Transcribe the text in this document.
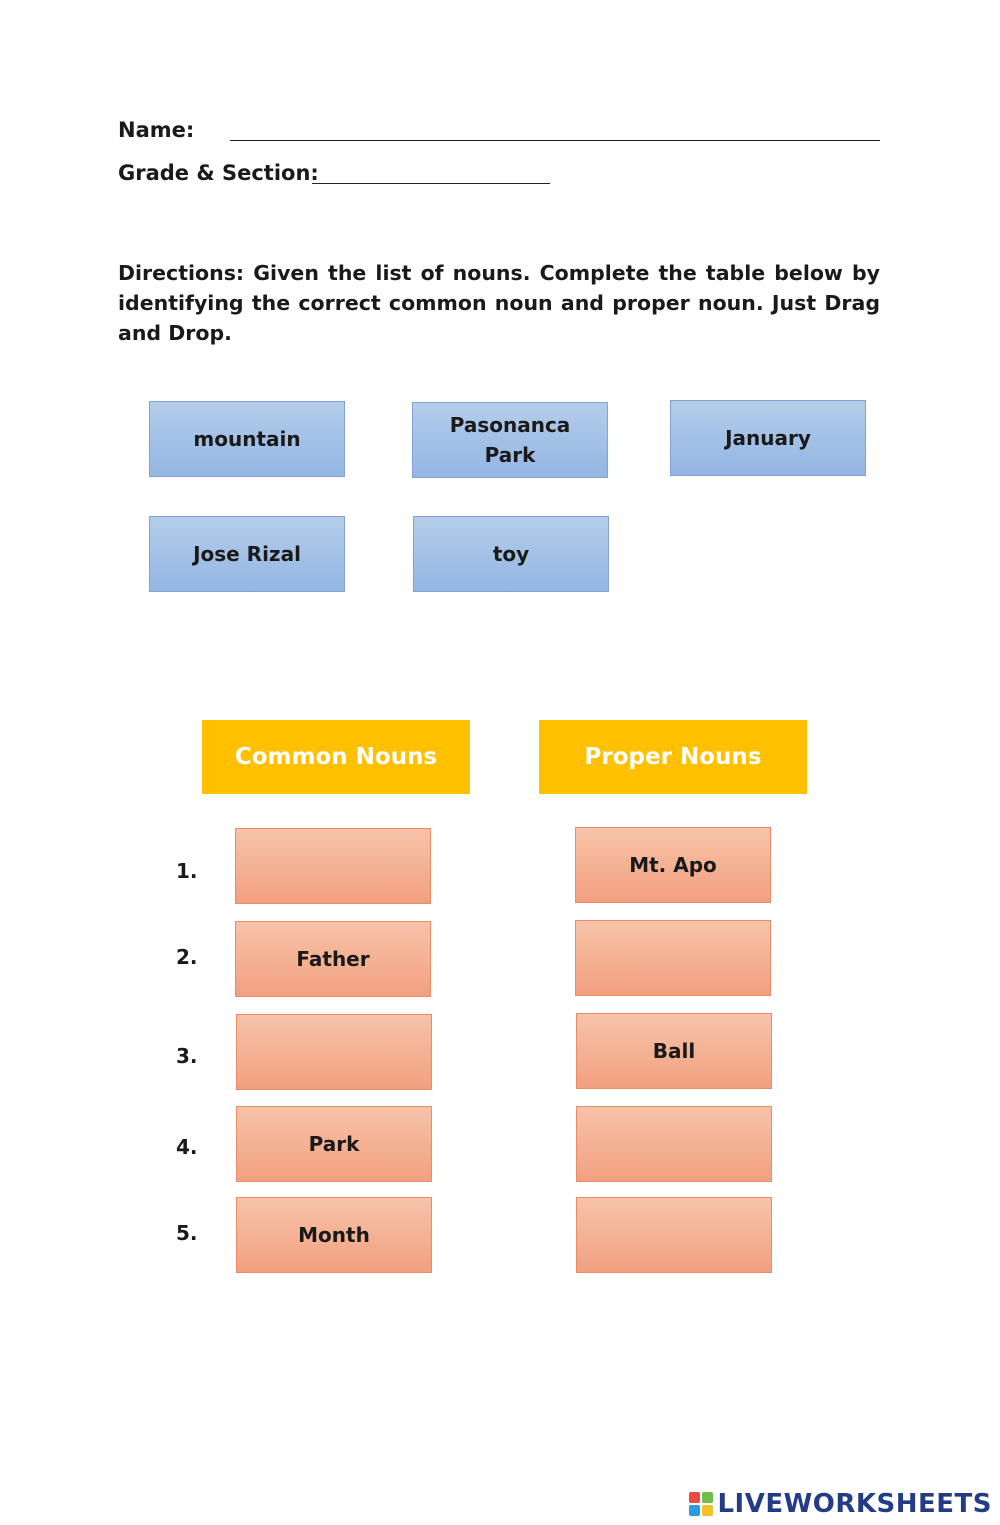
Name:
Grade & Section:
Directions: Given the list of nouns. Complete the table below by identifying the correct common noun and proper noun. Just Drag and Drop.
mountain
Pasonanca Park
January
Jose Rizal	toy
Common Nouns	Proper Nouns
1.
2.
3.
4.
5.
Father
Park
Month
Mt. Apo
Ball
LIVEWORKSHEETS
